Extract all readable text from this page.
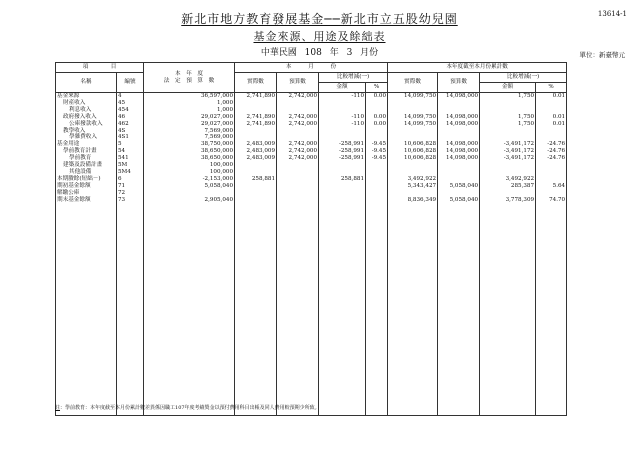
13614-1
新北市地方教育發展基金──新北市立五股幼兒園
基金來源、用途及餘絀表
中華民國 108 年 3 月份	單位：新臺幣元
項　　　　目		本　年　度
法　定　預　算　數	本　　　月　　　份				本年度截至本月份累計數			
名稱	編號		實際數	預算數	比較增減(一)		實際數	預算數	比較增減(一)	
					金額	%			金額	%
基金來源	4	36,597,000	2,741,890	2,742,000	-110	0.00	14,099,750	14,098,000	1,750	0.01
財產收入	45	1,000								
利息收入	454	1,000								
政府撥入收入	46	29,027,000	2,741,890	2,742,000	-110	0.00	14,099,750	14,098,000	1,750	0.01
公庫撥款收入	462	29,027,000	2,741,890	2,742,000	-110	0.00	14,099,750	14,098,000	1,750	0.01
教學收入	4S	7,569,000								
學雜費收入	4S1	7,569,000								
基金用途	5	38,750,000	2,483,009	2,742,000	-258,991	-9.45	10,606,828	14,098,000	-3,491,172	-24.76
學前教育計畫	54	38,650,000	2,483,009	2,742,000	-258,991	-9.45	10,606,828	14,098,000	-3,491,172	-24.76
學前教育	541	38,650,000	2,483,009	2,742,000	-258,991	-9.45	10,606,828	14,098,000	-3,491,172	-24.76
建築及設備計畫	5M	100,000								
其他設備	5M4	100,000								
本期賸餘(短絀－)	6	-2,153,000	258,881		258,881		3,492,922		3,492,922	
期初基金餘額	71	5,058,040					5,343,427	5,058,040	285,387	5.64
解繳公庫	72									
期末基金餘額	73	2,905,040					8,836,349	5,058,040	3,778,309	74.70

註：學前教育：本年度截至本月份累計數差異係因職工107年度考績獎金以預付費用科目出帳及同人費用較預期少所致。
